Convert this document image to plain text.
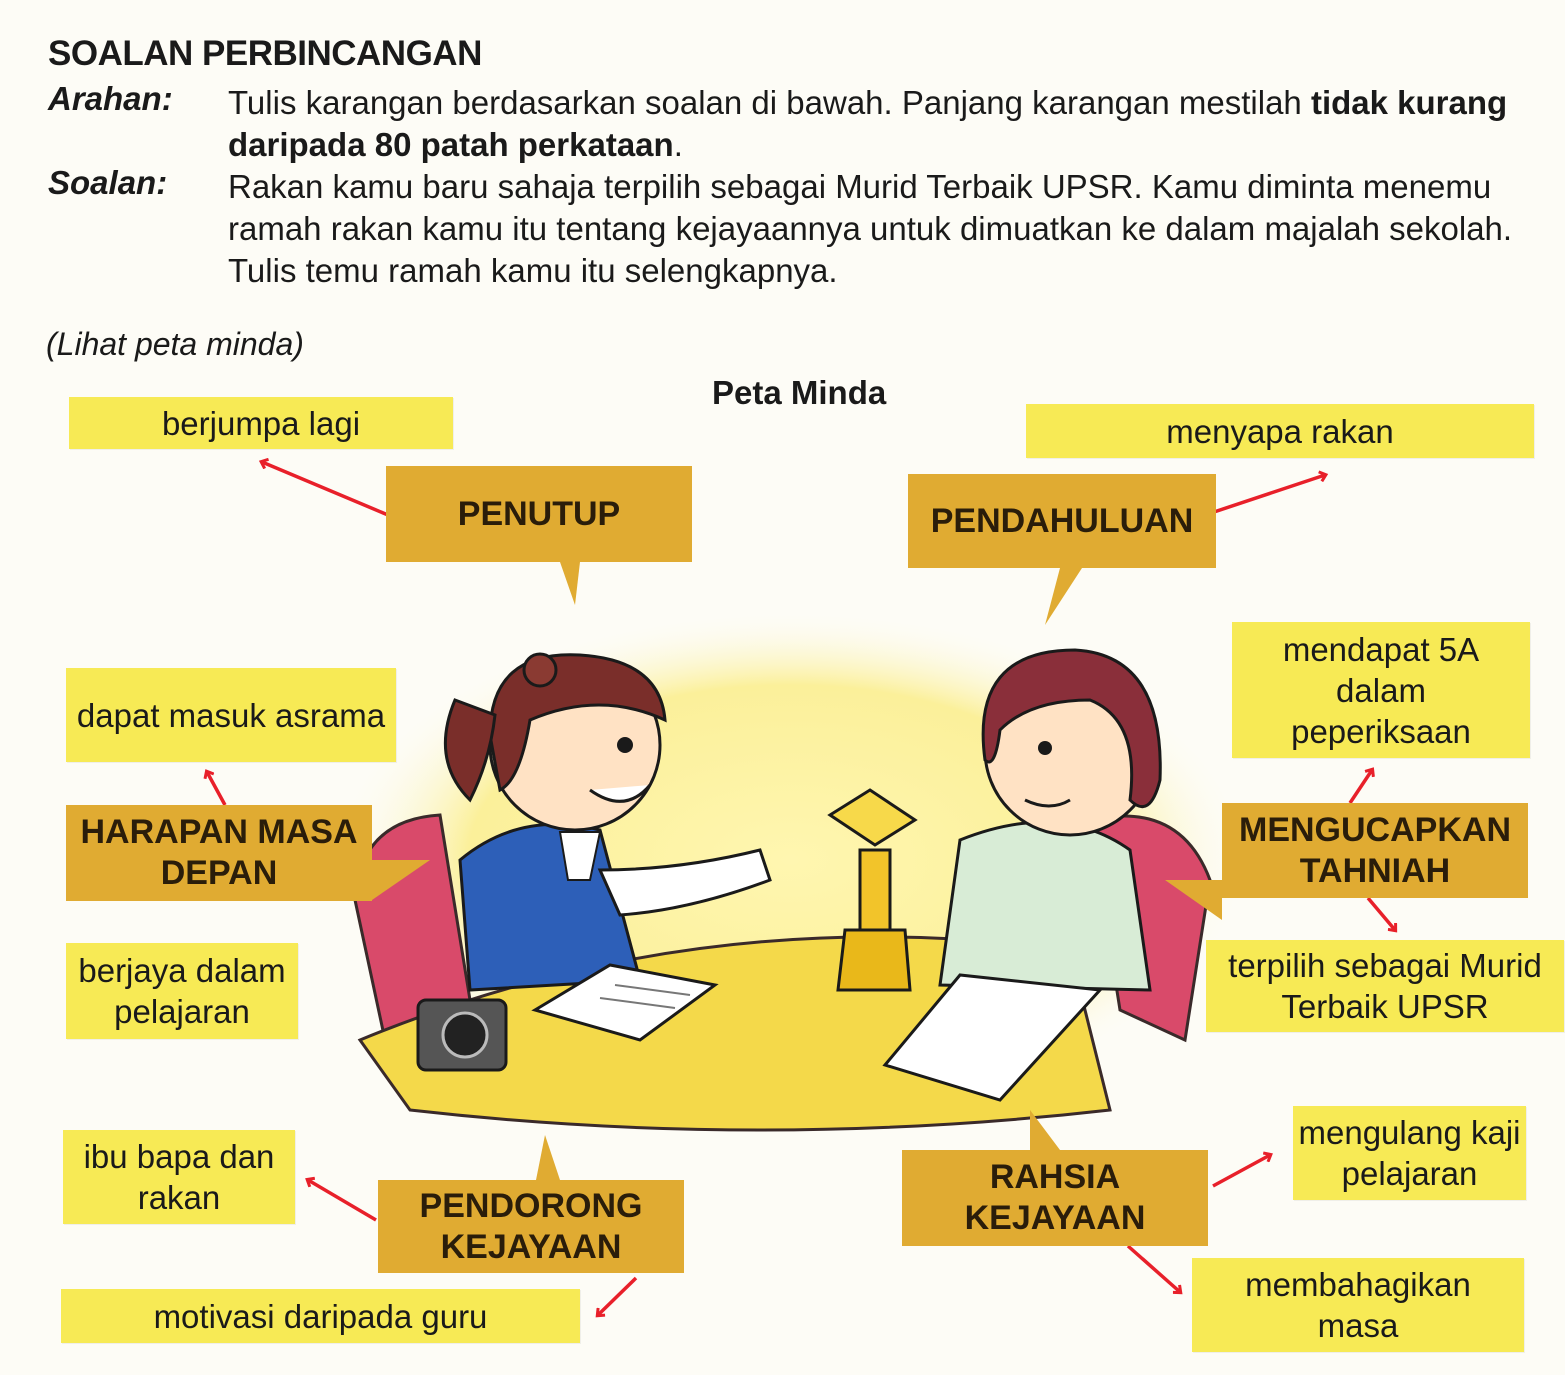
SOALAN PERBINCANGAN
Arahan: Tulis karangan berdasarkan soalan di bawah. Panjang karangan mestilah tidak kurang daripada 80 patah perkataan.
Soalan: Rakan kamu baru sahaja terpilih sebagai Murid Terbaik UPSR. Kamu diminta menemu ramah rakan kamu itu tentang kejayaannya untuk dimuatkan ke dalam majalah sekolah. Tulis temu ramah kamu itu selengkapnya.
(Lihat peta minda)
Peta Minda
berjumpa lagi	menyapa rakan
dapat masuk asrama
berjaya dalam pelajaran
mendapat 5A dalam peperiksaan
terpilih sebagai Murid Terbaik UPSR
ibu bapa dan rakan
motivasi daripada guru
mengulang kaji pelajaran
membahagikan masa
PENUTUP	PENDAHULUAN
HARAPAN MASA DEPAN
MENGUCAPKAN TAHNIAH
PENDORONG KEJAYAAN
RAHSIA KEJAYAAN
